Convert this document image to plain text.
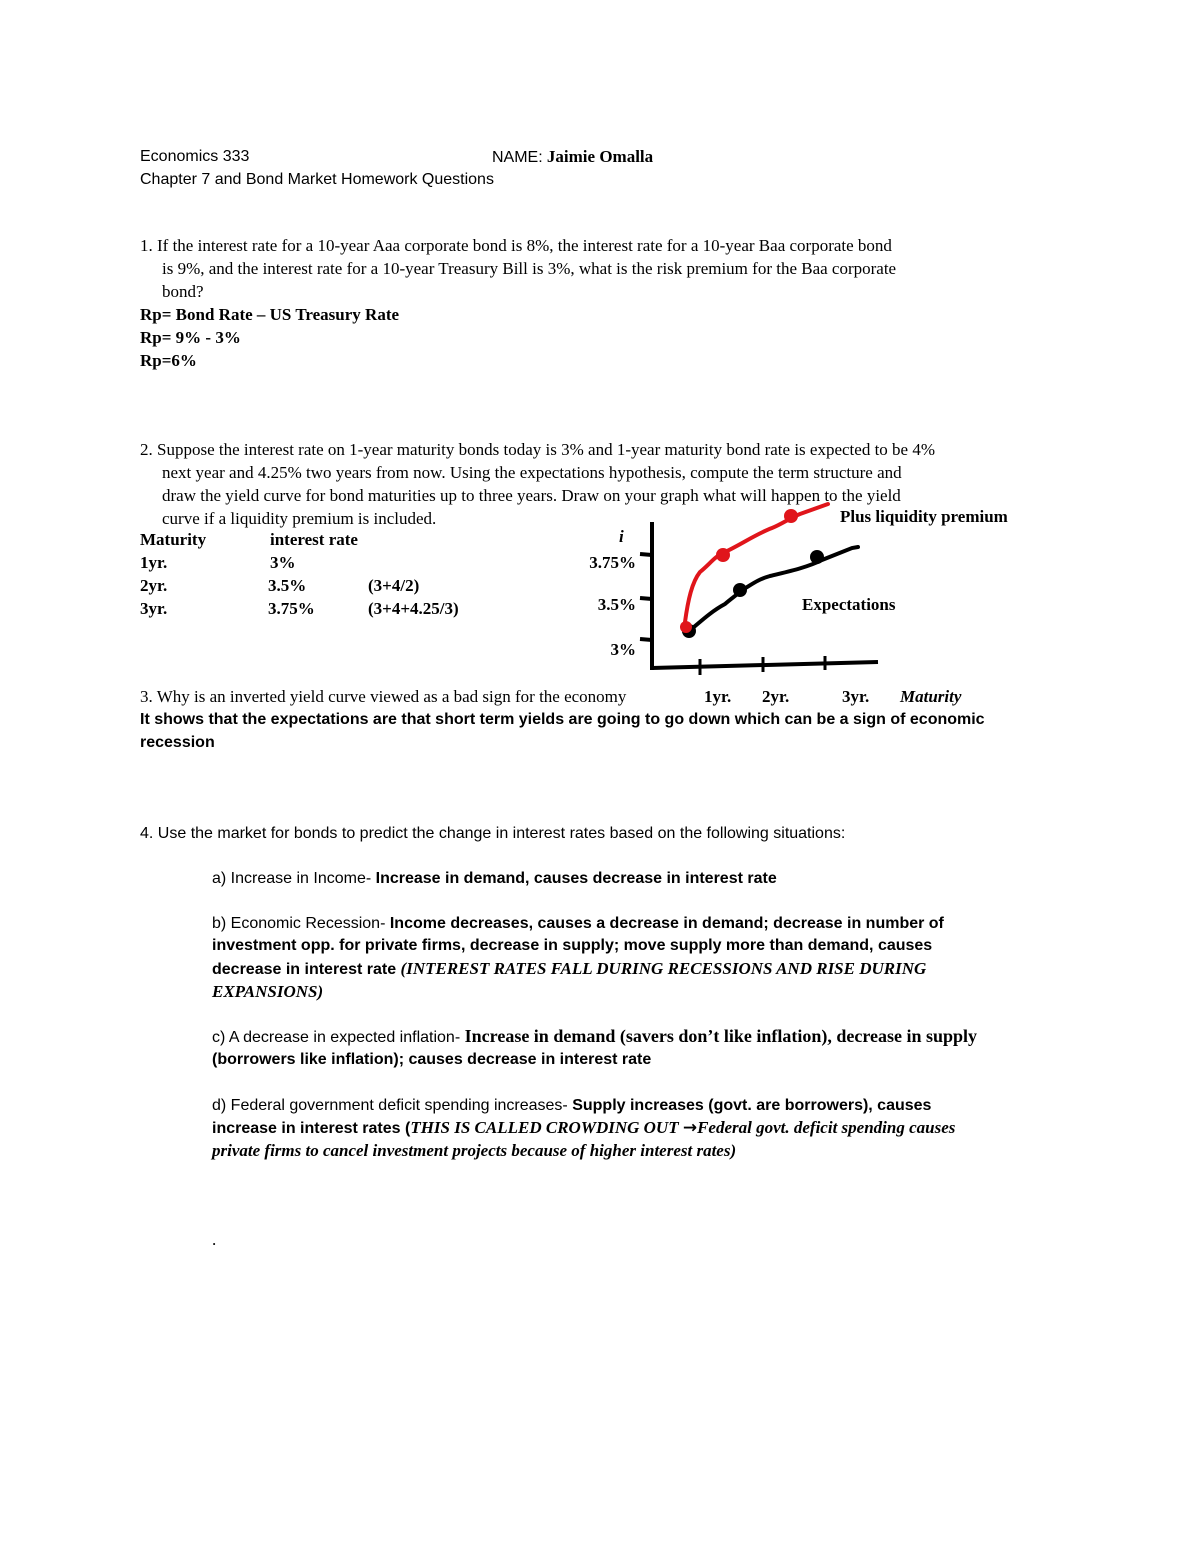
Economics 333	NAME: Jaimie Omalla
Chapter 7 and Bond Market Homework Questions
1. If the interest rate for a 10-year Aaa corporate bond is 8%, the interest rate for a 10-year Baa corporate bond
is 9%, and the interest rate for a 10-year Treasury Bill is 3%, what is the risk premium for the Baa corporate
bond?
Rp= Bond Rate – US Treasury Rate
Rp= 9% - 3%
Rp=6%
2. Suppose the interest rate on 1-year maturity bonds today is 3% and 1-year maturity bond rate is expected to be 4%
next year and 4.25% two years from now. Using the expectations hypothesis, compute the term structure and
draw the yield curve for bond maturities up to three years. Draw on your graph what will happen to the yield
curve if a liquidity premium is included.
Maturity	interest rate
1yr.	3%
2yr.	3.5%	(3+4/2)
3yr.	3.75%	(3+4+4.25/3)
i
3.75%
3.5%
3%
Plus liquidity premium
Expectations
3. Why is an inverted yield curve viewed as a bad sign for the economy	1yr. 2yr.	3yr. Maturity
It shows that the expectations are that short term yields are going to go down which can be a sign of economic
recession
4. Use the market for bonds to predict the change in interest rates based on the following situations:
a) Increase in Income- Increase in demand, causes decrease in interest rate
b) Economic Recession- Income decreases, causes a decrease in demand; decrease in number of
investment opp. for private firms, decrease in supply; move supply more than demand, causes
decrease in interest rate (INTEREST RATES FALL DURING RECESSIONS AND RISE DURING
EXPANSIONS)
c) A decrease in expected inflation- Increase in demand (savers don’t like inflation), decrease in supply
(borrowers like inflation); causes decrease in interest rate
d) Federal government deficit spending increases- Supply increases (govt. are borrowers), causes
increase in interest rates (THIS IS CALLED CROWDING OUT →Federal govt. deficit spending causes
private firms to cancel investment projects because of higher interest rates)
.
